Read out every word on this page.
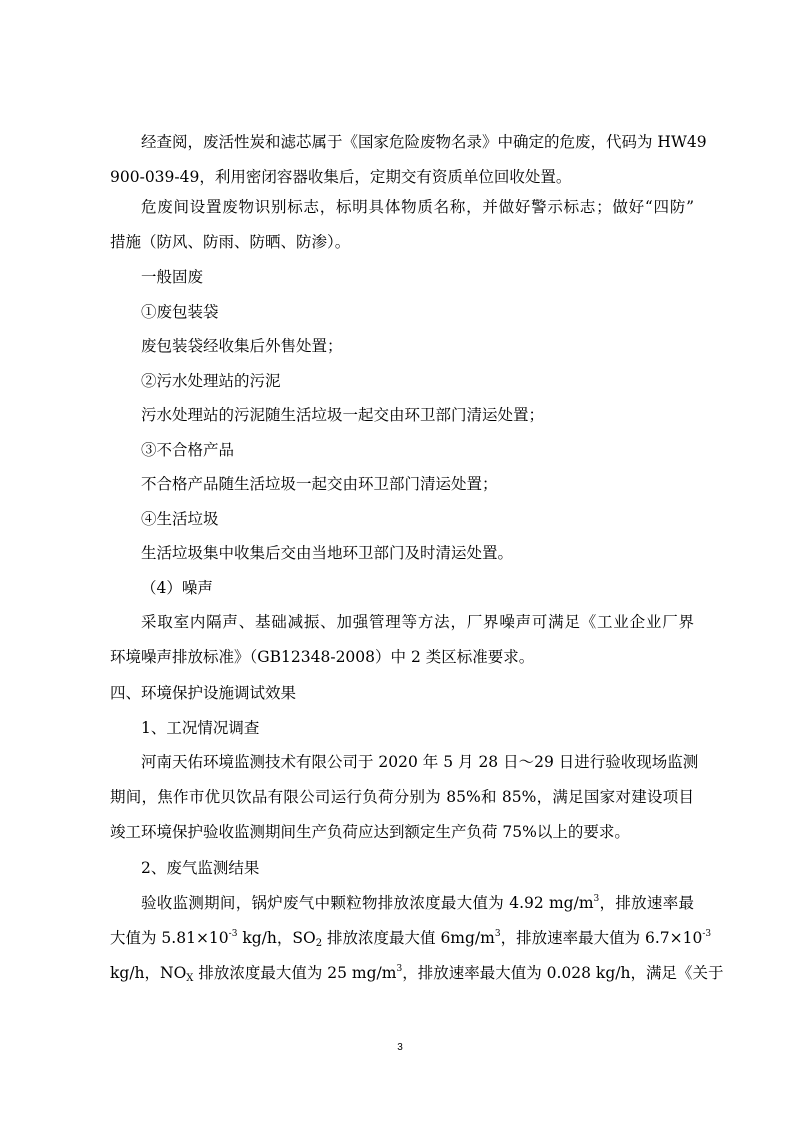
经查阅，废活性炭和滤芯属于《国家危险废物名录》中确定的危废，代码为 HW49
900-039-49，利用密闭容器收集后，定期交有资质单位回收处置。

危废间设置废物识别标志，标明具体物质名称，并做好警示标志；做好“四防”
措施（防风、防雨、防晒、防渗）。

一般固废

①废包装袋

废包装袋经收集后外售处置；

②污水处理站的污泥

污水处理站的污泥随生活垃圾一起交由环卫部门清运处置；

③不合格产品

不合格产品随生活垃圾一起交由环卫部门清运处置；

④生活垃圾

生活垃圾集中收集后交由当地环卫部门及时清运处置。

（4）噪声

采取室内隔声、基础减振、加强管理等方法，厂界噪声可满足《工业企业厂界
环境噪声排放标准》（GB12348-2008）中 2 类区标准要求。

四、环境保护设施调试效果

1、工况情况调查

河南天佑环境监测技术有限公司于 2020 年 5 月 28 日～29 日进行验收现场监测
期间，焦作市优贝饮品有限公司运行负荷分别为 85%和 85%，满足国家对建设项目
竣工环境保护验收监测期间生产负荷应达到额定生产负荷 75%以上的要求。

2、废气监测结果

验收监测期间，锅炉废气中颗粒物排放浓度最大值为 4.92 $mg/m^3$，排放速率最
大值为 $5.81\times 10^{-3}$ kg/h，$SO_2$ 排放浓度最大值 $6mg/m^3$，排放速率最大值为 $6.7\times 10^{-3}$
kg/h，$NO_X$ 排放浓度最大值为 25 $mg/m^3$，排放速率最大值为 0.028 kg/h，满足《关于

3
